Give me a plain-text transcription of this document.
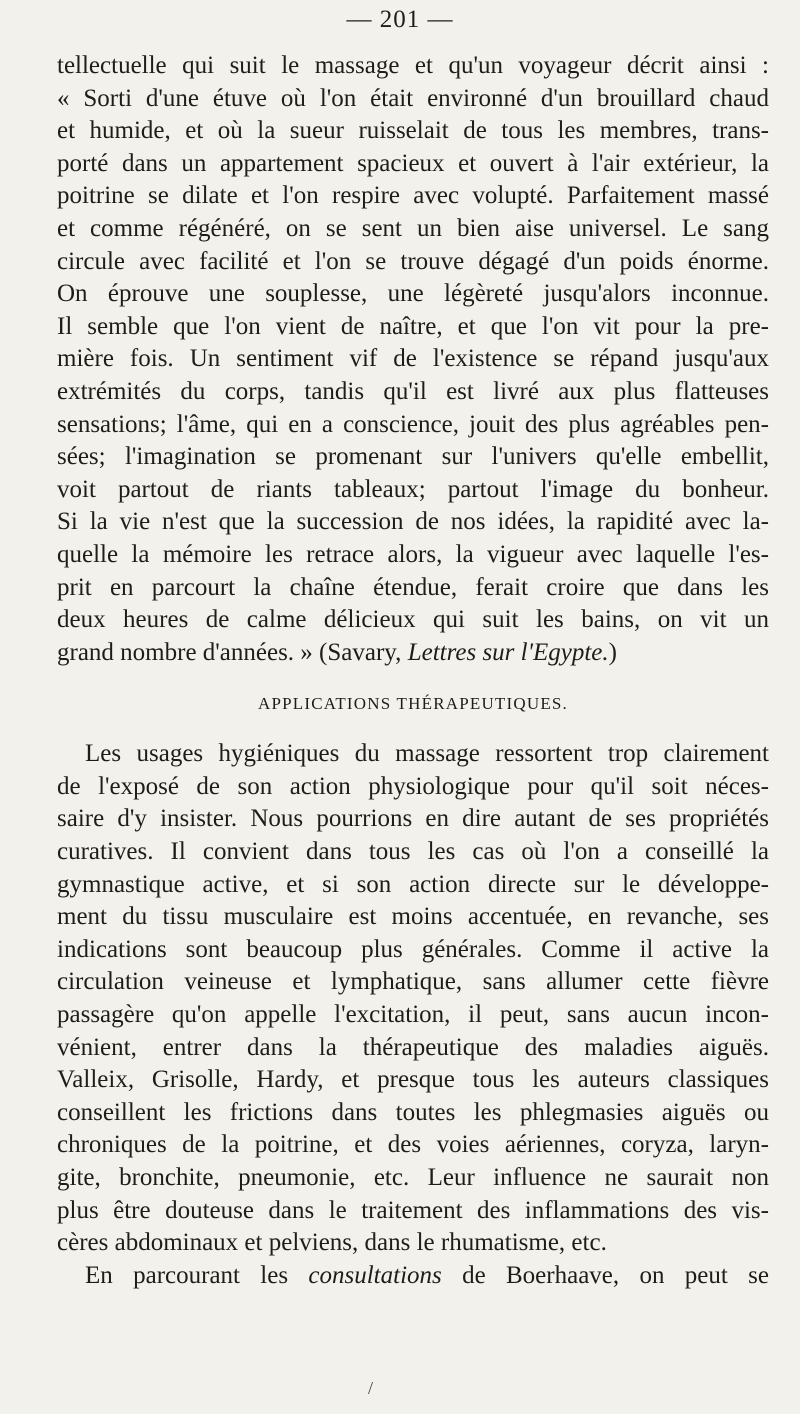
— 201 —
tellectuelle qui suit le massage et qu'un voyageur décrit ainsi :
« Sorti d'une étuve où l'on était environné d'un brouillard chaud
et humide, et où la sueur ruisselait de tous les membres, trans-
porté dans un appartement spacieux et ouvert à l'air extérieur, la
poitrine se dilate et l'on respire avec volupté. Parfaitement massé
et comme régénéré, on se sent un bien aise universel. Le sang
circule avec facilité et l'on se trouve dégagé d'un poids énorme.
On éprouve une souplesse, une légèreté jusqu'alors inconnue.
Il semble que l'on vient de naître, et que l'on vit pour la pre-
mière fois. Un sentiment vif de l'existence se répand jusqu'aux
extrémités du corps, tandis qu'il est livré aux plus flatteuses
sensations; l'âme, qui en a conscience, jouit des plus agréables pen-
sées; l'imagination se promenant sur l'univers qu'elle embellit,
voit partout de riants tableaux; partout l'image du bonheur.
Si la vie n'est que la succession de nos idées, la rapidité avec la-
quelle la mémoire les retrace alors, la vigueur avec laquelle l'es-
prit en parcourt la chaîne étendue, ferait croire que dans les
deux heures de calme délicieux qui suit les bains, on vit un
grand nombre d'années. » (Savary, Lettres sur l'Egypte.)
APPLICATIONS THÉRAPEUTIQUES.
Les usages hygiéniques du massage ressortent trop clairement
de l'exposé de son action physiologique pour qu'il soit néces-
saire d'y insister. Nous pourrions en dire autant de ses propriétés
curatives. Il convient dans tous les cas où l'on a conseillé la
gymnastique active, et si son action directe sur le développe-
ment du tissu musculaire est moins accentuée, en revanche, ses
indications sont beaucoup plus générales. Comme il active la
circulation veineuse et lymphatique, sans allumer cette fièvre
passagère qu'on appelle l'excitation, il peut, sans aucun incon-
vénient, entrer dans la thérapeutique des maladies aiguës.
Valleix, Grisolle, Hardy, et presque tous les auteurs classiques
conseillent les frictions dans toutes les phlegmasies aiguës ou
chroniques de la poitrine, et des voies aériennes, coryza, laryn-
gite, bronchite, pneumonie, etc. Leur influence ne saurait non
plus être douteuse dans le traitement des inflammations des vis-
cères abdominaux et pelviens, dans le rhumatisme, etc.
En parcourant les consultations de Boerhaave, on peut se
/
